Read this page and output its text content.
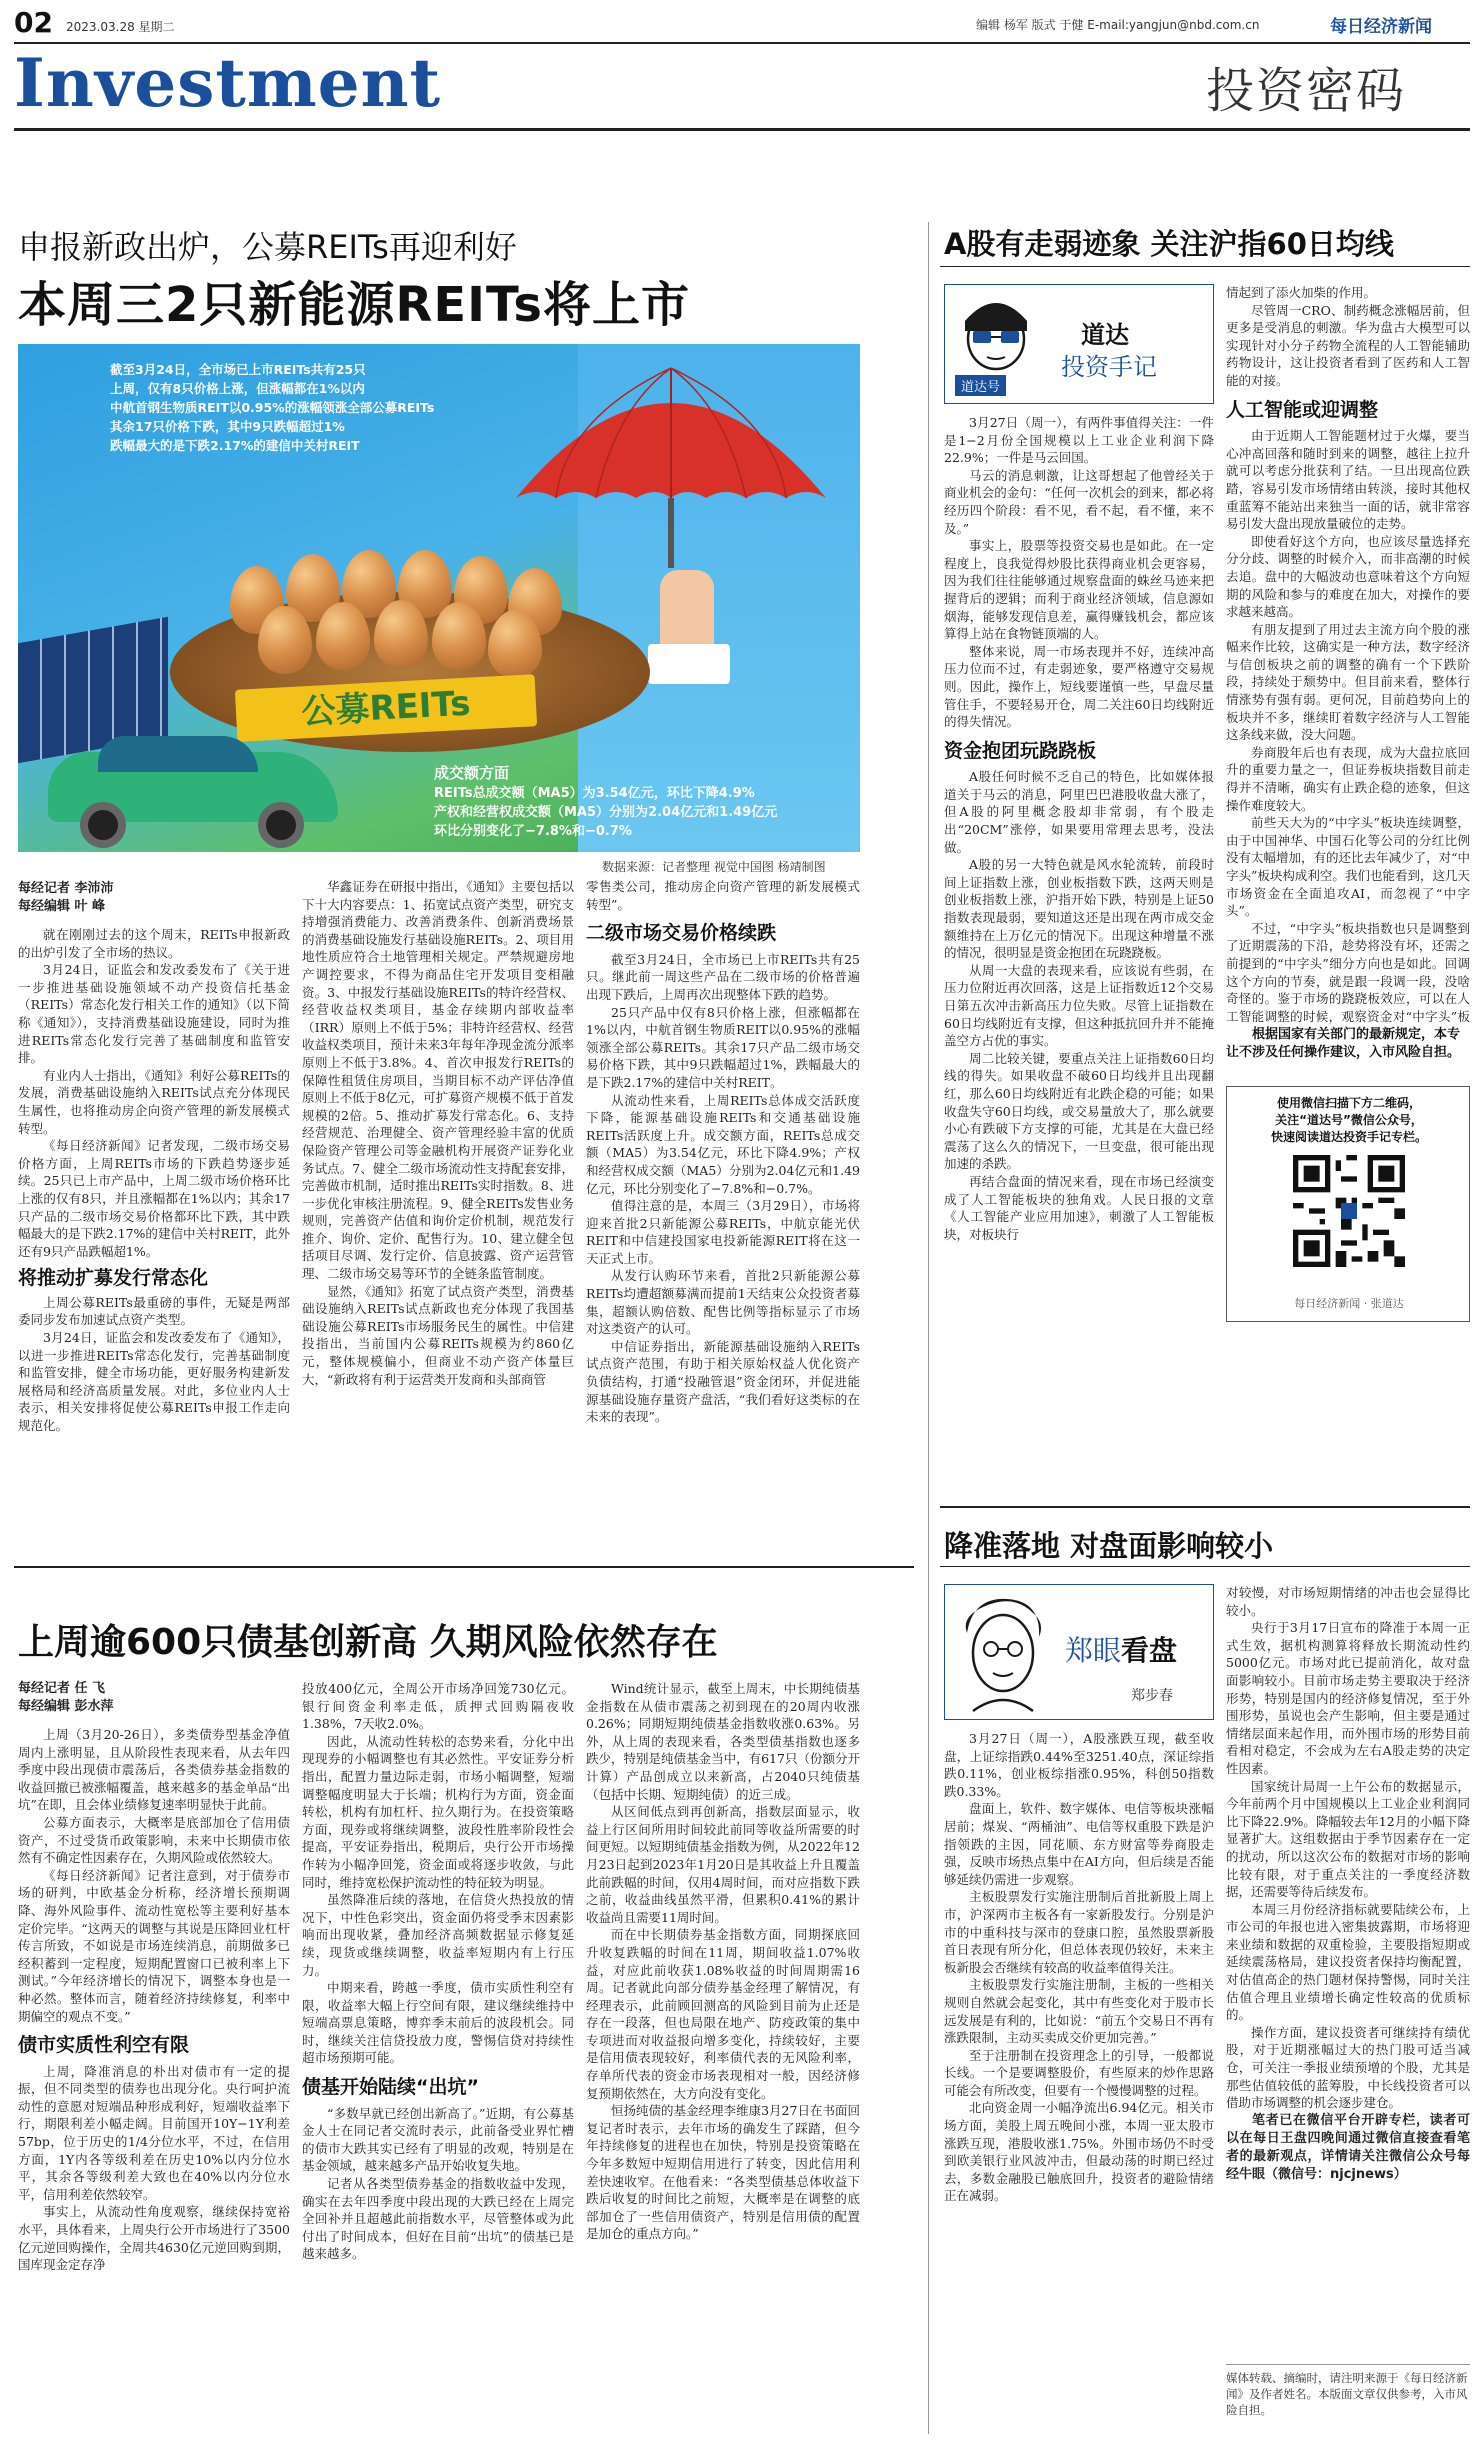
02 2023.03.28 星期二	编辑 杨军 版式 于健 E-mail:yangjun@nbd.com.cn	每日经济新闻
Investment	投资密码
申报新政出炉，公募REITs再迎利好
本周三2只新能源REITs将上市
截至3月24日，全市场已上市REITs共有25只
上周，仅有8只价格上涨，但涨幅都在1%以内
中航首钢生物质REIT以0.95%的涨幅领涨全部公募REITs
其余17只价格下跌，其中9只跌幅超过1%
跌幅最大的是下跌2.17%的建信中关村REIT
公募REITs
成交额方面
REITs总成交额（MA5）为3.54亿元，环比下降4.9%
产权和经营权成交额（MA5）分别为2.04亿元和1.49亿元
环比分别变化了−7.8%和−0.7%
数据来源：记者整理 视觉中国图 杨靖制图
每经记者 李沛沛
每经编辑 叶 峰

就在刚刚过去的这个周末，REITs申报新政的出炉引发了全市场的热议。

3月24日，证监会和发改委发布了《关于进一步推进基础设施领域不动产投资信托基金（REITs）常态化发行相关工作的通知》（以下简称《通知》），支持消费基础设施建设，同时为推进REITs常态化发行完善了基础制度和监管安排。

有业内人士指出，《通知》利好公募REITs的发展，消费基础设施纳入REITs试点充分体现民生属性，也将推动房企向资产管理的新发展模式转型。

《每日经济新闻》记者发现，二级市场交易价格方面，上周REITs市场的下跌趋势逐步延续。25只已上市产品中，上周二级市场价格环比上涨的仅有8只，并且涨幅都在1%以内；其余17只产品的二级市场交易价格都环比下跌，其中跌幅最大的是下跌2.17%的建信中关村REIT，此外还有9只产品跌幅超1%。

将推动扩募发行常态化

上周公募REITs最重磅的事件，无疑是两部委同步发布加速试点资产类型。

3月24日，证监会和发改委发布了《通知》，以进一步推进REITs常态化发行，完善基础制度和监管安排，健全市场功能，更好服务构建新发展格局和经济高质量发展。对此，多位业内人士表示，相关安排将促使公募REITs申报工作走向规范化。

华鑫证券在研报中指出，《通知》主要包括以下十大内容要点：1、拓宽试点资产类型，研究支持增强消费能力、改善消费条件、创新消费场景的消费基础设施发行基础设施REITs。2、项目用地性质应符合土地管理相关规定。严禁规避房地产调控要求，不得为商品住宅开发项目变相融资。3、中报发行基础设施REITs的特许经营权、经营收益权类项目，基金存续期内部收益率（IRR）原则上不低于5%；非特许经营权、经营收益权类项目，预计未来3年每年净现金流分派率原则上不低于3.8%。4、首次申报发行REITs的保障性租赁住房项目，当期目标不动产评估净值原则上不低于8亿元，可扩募资产规模不低于首发规模的2倍。5、推动扩募发行常态化。6、支持经营规范、治理健全、资产管理经验丰富的优质保险资产管理公司等金融机构开展资产证券化业务试点。7、健全二级市场流动性支持配套安排，完善做市机制，适时推出REITs实时指数。8、进一步优化审核注册流程。9、健全REITs发售业务规则，完善资产估值和询价定价机制，规范发行推介、询价、定价、配售行为。10、建立健全包括项目尽调、发行定价、信息披露、资产运营管理、二级市场交易等环节的全链条监管制度。

显然，《通知》拓宽了试点资产类型，消费基础设施纳入REITs试点新政也充分体现了我国基础设施公募REITs市场服务民生的属性。中信建投指出，当前国内公募REITs规模为约860亿元，整体规模偏小，但商业不动产资产体量巨大，“新政将有利于运营类开发商和头部商管

零售类公司，推动房企向资产管理的新发展模式转型”。

二级市场交易价格续跌

截至3月24日，全市场已上市REITs共有25只。继此前一周这些产品在二级市场的价格普遍出现下跌后，上周再次出现整体下跌的趋势。

25只产品中仅有8只价格上涨，但涨幅都在1%以内，中航首钢生物质REIT以0.95%的涨幅领涨全部公募REITs。其余17只产品二级市场交易价格下跌，其中9只跌幅超过1%，跌幅最大的是下跌2.17%的建信中关村REIT。

从流动性来看，上周REITs总体成交活跃度下降，能源基础设施REITs和交通基础设施REITs活跃度上升。成交额方面，REITs总成交额（MA5）为3.54亿元，环比下降4.9%；产权和经营权成交额（MA5）分别为2.04亿元和1.49亿元，环比分别变化了−7.8%和−0.7%。

值得注意的是，本周三（3月29日），市场将迎来首批2只新能源公募REITs，中航京能光伏REIT和中信建投国家电投新能源REIT将在这一天正式上市。

从发行认购环节来看，首批2只新能源公募REITs均遭超额募满而提前1天结束公众投资者募集，超额认购倍数、配售比例等指标显示了市场对这类资产的认可。

中信证券指出，新能源基础设施纳入REITs试点资产范围，有助于相关原始权益人优化资产负债结构，打通“投融管退”资金闭环，并促进能源基础设施存量资产盘活，“我们看好这类标的在未来的表现”。

上周逾600只债基创新高 久期风险依然存在
每经记者 任 飞
每经编辑 彭水萍

上周（3月20-26日），多类债券型基金净值周内上涨明显，且从阶段性表现来看，从去年四季度中段出现债市震荡后，各类债券基金指数的收益回撤已被涨幅覆盖，越来越多的基金单品“出坑”在即，且会体业绩修复速率明显快于此前。

公募方面表示，大概率是底部加仓了信用债资产，不过受货币政策影响，未来中长期债市依然有不确定性因素存在，久期风险或依然较大。

《每日经济新闻》记者注意到，对于债券市场的研判，中欧基金分析称，经济增长预期调降、海外风险事件、流动性宽松等主要利好基本定价完毕。“这两天的调整与其说是压降回业杠杆传言所致，不如说是市场连续消息，前期做多已经积蓄到一定程度，短期配置窗口已被利率上下测试。”今年经济增长的情况下，调整本身也是一种必然。整体而言，随着经济持续修复，利率中期偏空的观点不变。”

债市实质性利空有限

上周，降准消息的朴出对债市有一定的提振，但不同类型的债券也出现分化。央行呵护流动性的意愿对短端品种形成利好，短端收益率下行，期限利差小幅走阔。目前国开10Y−1Y利差57bp，位于历史的1/4分位水平，不过，在信用方面，1Y内各等级利差在历史10%以内分位水平，其余各等级利差大致也在40%以内分位水平，信用利差依然较窄。

事实上，从流动性角度观察，继续保持宽裕水平，具体看来，上周央行公开市场进行了3500亿元逆回购操作，全周共4630亿元逆回购到期，国库现金定存净

投放400亿元，全周公开市场净回笼730亿元。银行间资金利率走低，质押式回购隔夜收1.38%，7天收2.0%。

因此，从流动性转松的态势来看，分化中出现现券的小幅调整也有其必然性。平安证券分析指出，配置力量边际走弱，市场小幅调整，短端调整幅度明显大于长端；机构行为方面，资金面转松，机构有加杠杆、拉久期行为。在投资策略方面，现券或将继续调整，波段性胜率阶段性会提高，平安证券指出，税期后，央行公开市场操作转为小幅净回笼，资金面或将逐步收敛，与此同时，维持宽松保护流动性的特征较为明显。

虽然降准后续的落地，在信贷火热投放的情况下，中性色彩突出，资金面仍将受季末因素影响而出现收紧，叠加经济高频数据显示修复延续，现货或继续调整，收益率短期内有上行压力。

中期来看，跨越一季度，债市实质性利空有限，收益率大幅上行空间有限，建议继续维持中短端高票息策略，博弈季末前后的波段机会。同时，继续关注信贷投放力度，警惕信贷对持续性超市场预期可能。

债基开始陆续“出坑”

“多数早就已经创出新高了。”近期，有公募基金人士在同记者交流时表示，此前备受业界忙槽的债市大跌其实已经有了明显的改观，特别是在基金领域，越来越多产品开始收复失地。

记者从各类型债券基金的指数收益中发现，确实在去年四季度中段出现的大跌已经在上周完全回补并且超越此前指数水平，尽管整体或为此付出了时间成本，但好在目前“出坑”的债基已是越来越多。

Wind统计显示，截至上周末，中长期纯债基金指数在从债市震荡之初到现在的20周内收涨0.26%；同期短期纯债基金指数收涨0.63%。另外，从上周的表现来看，各类型债基指数也逐多跌少，特别是纯债基金当中，有617只（份额分开计算）产品创成立以来新高，占2040只纯债基（包括中长期、短期纯债）的近三成。

从区间低点到再创新高，指数层面显示，收益上行区间所用时间较此前同等收益所需要的时间更短。以短期纯债基金指数为例，从2022年12月23日起到2023年1月20日是其收益上升且覆盖此前跌幅的时间，仅用4周时间，而对应指数下跌之前，收益曲线虽然平滑，但累积0.41%的累计收益尚且需要11周时间。

而在中长期债券基金指数方面，同期探底回升收复跌幅的时间在11周，期间收益1.07%收益，对应此前收获1.08%收益的时间周期需16周。记者就此向部分债券基金经理了解情况，有经理表示，此前顾回测高的风险到目前为止还是存在一段落，但也局限在地产、防疫政策的集中专项进而对收益报向增多变化，持续较好，主要是信用债表现较好，利率债代表的无风险利率，存单所代表的资金市场表现相对一般，因经济修复预期依然在，大方向没有变化。

恒扬纯债的基金经理李维康3月27日在书面回复记者时表示，去年市场的确发生了踩踏，但今年持续修复的进程也在加快，特别是投资策略在今年多数短中短期信用进行了转变，因此信用利差快速收窄。在他看来：“各类型债基总体收益下跌后收复的时间比之前短，大概率是在调整的底部加仓了一些信用债资产，特别是信用债的配置是加仓的重点方向。”

A股有走弱迹象 关注沪指60日均线
道达号
道达
投资手记

3月27日（周一），有两件事值得关注：一件是1−2月份全国规模以上工业企业利润下降22.9%；一件是马云回国。

马云的消息刺激，让这哥想起了他曾经关于商业机会的金句：“任何一次机会的到来，都必将经历四个阶段：看不见，看不起，看不懂，来不及。”

事实上，股票等投资交易也是如此。在一定程度上，良我觉得炒股比获得商业机会更容易，因为我们往往能够通过规察盘面的蛛丝马迹来把握背后的逻辑；而利于商业经济领域，信息源如烟海，能够发现信息差，赢得赚钱机会，都应该算得上站在食物链顶端的人。

整体来说，周一市场表现并不好，连续冲高压力位而不过，有走弱迹象，要严格遵守交易规则。因此，操作上，短线要谨慎一些，早盘尽量管住手，不要轻易开仓，周二关注60日均线附近的得失情况。

资金抱团玩跷跷板

A股任何时候不乏自己的特色，比如媒体报道关于马云的消息，阿里巴巴港股收盘大涨了，但A股的阿里概念股却非常弱，有个股走出“20CM”涨停，如果要用常理去思考，没法做。

A股的另一大特色就是风水轮流转，前段时间上证指数上涨，创业板指数下跌，这两天则是创业板指数上涨，沪指开始下跌，特别是上证50指数表现最弱，要知道这还是出现在两市成交金额维持在上万亿元的情况下。出现这种增量不涨的情况，很明显是资金抱团在玩跷跷板。

从周一大盘的表现来看，应该说有些弱，在压力位附近再次回落，这是上证指数近12个交易日第五次冲击新高压力位失败。尽管上证指数在60日均线附近有支撑，但这种抵抗回升并不能掩盖空方占优的事实。

周二比较关键，要重点关注上证指数60日均线的得失。如果收盘不破60日均线并且出现翻红，那么60日均线附近有北跌企稳的可能；如果收盘失守60日均线，或交易量放大了，那么就要小心有跌破下方支撑的可能，尤其是在大盘已经震荡了这么久的情况下，一旦变盘，很可能出现加速的杀跌。

再结合盘面的情况来看，现在市场已经演变成了人工智能板块的独角戏。人民日报的文章《人工智能产业应用加速》，刺激了人工智能板块，对板块行

情起到了添火加柴的作用。

尽管周一CRO、制药概念涨幅居前，但更多是受消息的刺激。华为盘古大模型可以实现针对小分子药物全流程的人工智能辅助药物设计，这让投资者看到了医药和人工智能的对接。

人工智能或迎调整

由于近期人工智能题材过于火爆，要当心冲高回落和随时到来的调整，越往上拉升就可以考虑分批获利了结。一旦出现高位跌踏，容易引发市场情绪由转淡，接时其他权重蓝筹不能站出来独当一面的话，就非常容易引发大盘出现放量破位的走势。

即使看好这个方向，也应该尽量选择充分分歧、调整的时候介入，而非高潮的时候去追。盘中的大幅波动也意味着这个方向短期的风险和参与的难度在加大，对操作的要求越来越高。

有朋友提到了用过去主流方向个股的涨幅来作比较，这确实是一种方法，数字经济与信创板块之前的调整的确有一个下跌阶段，持续处于颓势中。但目前来看，整体行情涨势有强有弱。更何况，目前趋势向上的板块并不多，继续盯着数字经济与人工智能这条线来做，没大问题。

券商股年后也有表现，成为大盘拉底回升的重要力量之一，但证券板块指数目前走得并不清晰，确实有止跌企稳的迹象，但这操作难度较大。

前些天大为的“中字头”板块连续调整，由于中国神华、中国石化等公司的分红比例没有太幅增加，有的还比去年减少了，对“中字头”板块构成利空。我们也能看到，这几天市场资金在全面追攻AI，而忽视了“中字头”。

不过，“中字头”板块指数也只是调整到了近期震荡的下沿，趁势将没有坏，还需之前提到的“中字头”细分方向也是如此。回调这个方向的节奏，就是跟一段调一段，没啥奇怪的。鉴于市场的跷跷板效应，可以在人工智能调整的时候，观察资金对“中字头”板

根据国家有关部门的最新规定，本专让不涉及任何操作建议，入市风险自担。
使用微信扫描下方二维码，
关注“道达号”微信公众号，
快速阅读道达投资手记专栏。
每日经济新闻 · 张道达
降准落地 对盘面影响较小
郑眼看盘
郑步春

3月27日（周一），A股涨跌互现，截至收盘，上证综指跌0.44%至3251.40点，深证综指跌0.11%，创业板综指涨0.95%，科创50指数跌0.33%。

盘面上，软件、数字媒体、电信等板块涨幅居前；煤炭、“两桶油”、电信等权重股下跌是沪指领跌的主因，同花顺、东方财富等券商股走强，反映市场热点集中在AI方向，但后续是否能够延续仍需进一步观察。

主板股票发行实施注册制后首批新股上周上市，沪深两市主板各有一家新股发行。分别是沪市的中重科技与深市的登康口腔，虽然股票新股首日表现有所分化，但总体表现仍较好，未来主板新股会否继续有较高的收益率值得关注。

主板股票发行实施注册制，主板的一些相关规则自然就会起变化，其中有些变化对于股市长远发展是有利的，比如说：“前五个交易日不再有涨跌限制，主动买卖成交价更加完善。”

至于注册制在投资理念上的引导，一般都说长线。一个是要调整股价，有些原来的炒作思路可能会有所改变，但要有一个慢慢调整的过程。

北向资金周一小幅净流出6.94亿元。相关市场方面，美股上周五晚间小涨，本周一亚太股市涨跌互现，港股收涨1.75%。外围市场仍不时受到欧美银行业风波冲击，但最动荡的时期已经过去，多数金融股已触底回升，投资者的避险情绪正在减弱。

对较慢，对市场短期情绪的冲击也会显得比较小。

央行于3月17日宣布的降准于本周一正式生效，据机构测算将释放长期流动性约5000亿元。市场对此已提前消化，故对盘面影响较小。目前市场走势主要取决于经济形势，特别是国内的经济修复情况，至于外围形势，虽说也会产生影响，但主要是通过情绪层面来起作用，而外围市场的形势目前看相对稳定，不会成为左右A股走势的决定性因素。

国家统计局周一上午公布的数据显示，今年前两个月中国规模以上工业企业利润同比下降22.9%。降幅较去年12月的小幅下降显著扩大。这组数据由于季节因素存在一定的扰动，所以这次公布的数据对市场的影响比较有限，对于重点关注的一季度经济数据，还需要等待后续发布。

本周三月份经济指标就要陆续公布，上市公司的年报也进入密集披露期，市场将迎来业绩和数据的双重检验，主要股指短期或延续震荡格局，建议投资者保持均衡配置，对估值高企的热门题材保持警惕，同时关注估值合理且业绩增长确定性较高的优质标的。

操作方面，建议投资者可继续持有绩优股，对于近期涨幅过大的热门股可适当减仓，可关注一季报业绩预增的个股，尤其是那些估值较低的蓝筹股，中长线投资者可以借助市场调整的机会逐步建仓。

笔者已在微信平台开辟专栏，读者可以在每日王盘四晚间通过微信直接查看笔者的最新观点，详情请关注微信公众号每经牛眼（微信号：njcjnews）

媒体转载、摘编时，请注明来源于《每日经济新闻》及作者姓名。本版面文章仅供参考，入市风险自担。
